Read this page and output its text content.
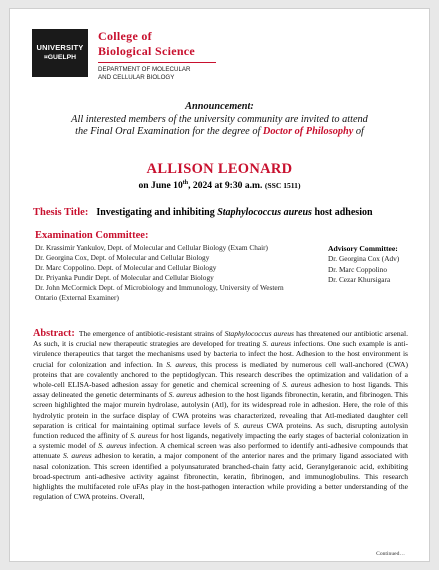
UNIVERSITY
¤GUELPH
College of
Biological Science
DEPARTMENT OF MOLECULAR
AND CELLULAR BIOLOGY
Announcement:
All interested members of the university community are invited to attend
the Final Oral Examination for the degree of Doctor of Philosophy of
ALLISON LEONARD
on June 10th, 2024 at 9:30 a.m. (SSC 1511)
Thesis Title: Investigating and inhibiting Staphylococcus aureus host adhesion
Examination Committee:
Dr. Krassimir Yankulov, Dept. of Molecular and Cellular Biology (Exam Chair)
Dr. Georgina Cox, Dept. of Molecular and Cellular Biology
Dr. Marc Coppolino. Dept. of Molecular and Cellular Biology
Dr. Priyanka Pundir Dept. of Molecular and Cellular Biology
Dr. John McCormick Dept. of Microbiology and Immunology, University of Western Ontario (External Examiner)
Advisory Committee:
Dr. Georgina Cox (Adv)
Dr. Marc Coppolino
Dr. Cezar Khursigara
Abstract: The emergence of antibiotic-resistant strains of Staphylococcus aureus has threatened our antibiotic arsenal. As such, it is crucial new therapeutic strategies are developed for treating S. aureus infections. One such example is anti-virulence therapeutics that target the mechanisms used by bacteria to infect the host. Adhesion to the host environment is crucial for colonization and infection. In S. aureus, this process is mediated by numerous cell wall-anchored (CWA) proteins that are covalently anchored to the peptidoglycan. This research describes the optimization and validation of a whole-cell ELISA-based adhesion assay for genetic and chemical screening of S. aureus adhesion to host ligands. This assay delineated the genetic determinants of S. aureus adhesion to the host ligands fibronectin, keratin, and fibrinogen. This screen highlighted the major murein hydrolase, autolysin (Atl), for its widespread role in adhesion. Here, the role of this hydrolytic protein in the surface display of CWA proteins was characterized, revealing that Atl-mediated daughter cell separation is critical for maintaining optimal surface levels of S. aureus CWA proteins. As such, disrupting autolysin function reduced the affinity of S. aureus for host ligands, negatively impacting the early stages of bacterial colonization in a systemic model of S. aureus infection. A chemical screen was also performed to identify anti-adhesive compounds that attenuate S. aureus adhesion to keratin, a major component of the anterior nares and the primary ligand associated with nasal colonization. This screen identified a polyunsaturated branched-chain fatty acid, Geranylgeranoic acid, exhibiting broad-spectrum anti-adhesive activity against fibronectin, keratin, fibrinogen, and immunoglobulins. This research highlights the multifaceted role uFAs play in the host-pathogen interaction while providing a better understanding of the regulation of CWA proteins. Overall,
Continued…
